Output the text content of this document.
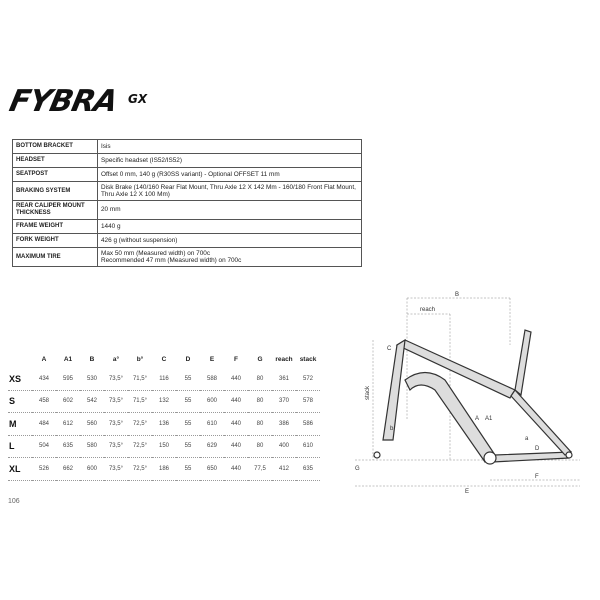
FYBRA GX
BOTTOM BRACKET	Isis
HEADSET	Specific headset (IS52/IS52)
SEATPOST	Offset 0 mm, 140 g (R30SS variant) - Optional OFFSET 11 mm
BRAKING SYSTEM	Disk Brake (140/160 Rear Flat Mount, Thru Axle 12 X 142 Mm - 160/180 Front Flat Mount, Thru Axle 12 X 100 Mm)
REAR CALIPER MOUNT THICKNESS	20 mm
FRAME WEIGHT	1440 g
FORK WEIGHT	426 g (without suspension)
MAXIMUM TIRE	Max 50 mm (Measured width) on 700c
Recommended 47 mm (Measured width) on 700c
	A	A1	B	a°	b°	C	D	E	F	G	reach	stack
XS	434	595	530	73,5°	71,5°	116	55	588	440	80	361	572
S	458	602	542	73,5°	71,5°	132	55	600	440	80	370	578
M	484	612	560	73,5°	72,5°	136	55	610	440	80	386	586
L	504	635	580	73,5°	72,5°	150	55	629	440	80	400	610
XL	526	662	600	73,5°	72,5°	186	55	650	440	77,5	412	635
B
reach
stack
A A1
C
D
E
F
G
a
b
106
